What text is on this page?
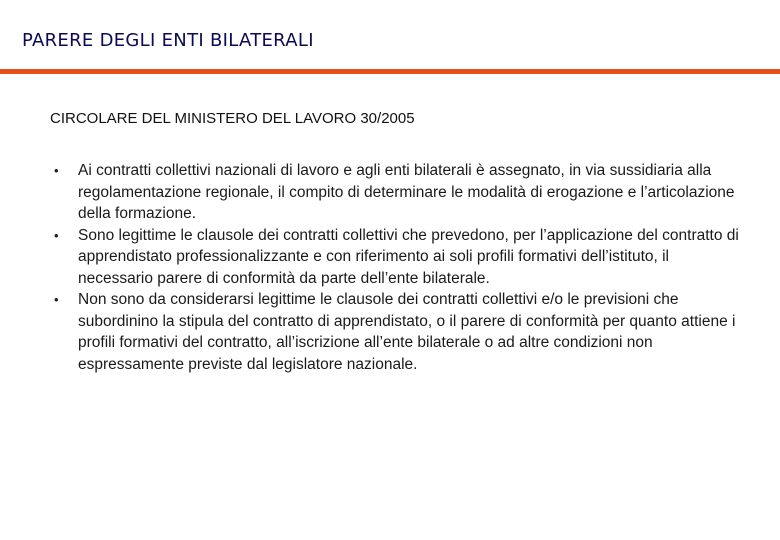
PARERE DEGLI ENTI BILATERALI
CIRCOLARE DEL MINISTERO DEL LAVORO 30/2005
• Ai contratti collettivi nazionali di lavoro e agli enti bilaterali è assegnato, in via sussidiaria alla regolamentazione regionale, il compito di determinare le modalità di erogazione e l’articolazione della formazione.
• Sono legittime le clausole dei contratti collettivi che prevedono, per l’applicazione del contratto di apprendistato professionalizzante e con riferimento ai soli profili formativi dell’istituto, il necessario parere di conformità da parte dell’ente bilaterale.
• Non sono da considerarsi legittime le clausole dei contratti collettivi e/o le previsioni che subordinino la stipula del contratto di apprendistato, o il parere di conformità per quanto attiene i profili formativi del contratto, all’iscrizione all’ente bilaterale o ad altre condizioni non espressamente previste dal legislatore nazionale.
